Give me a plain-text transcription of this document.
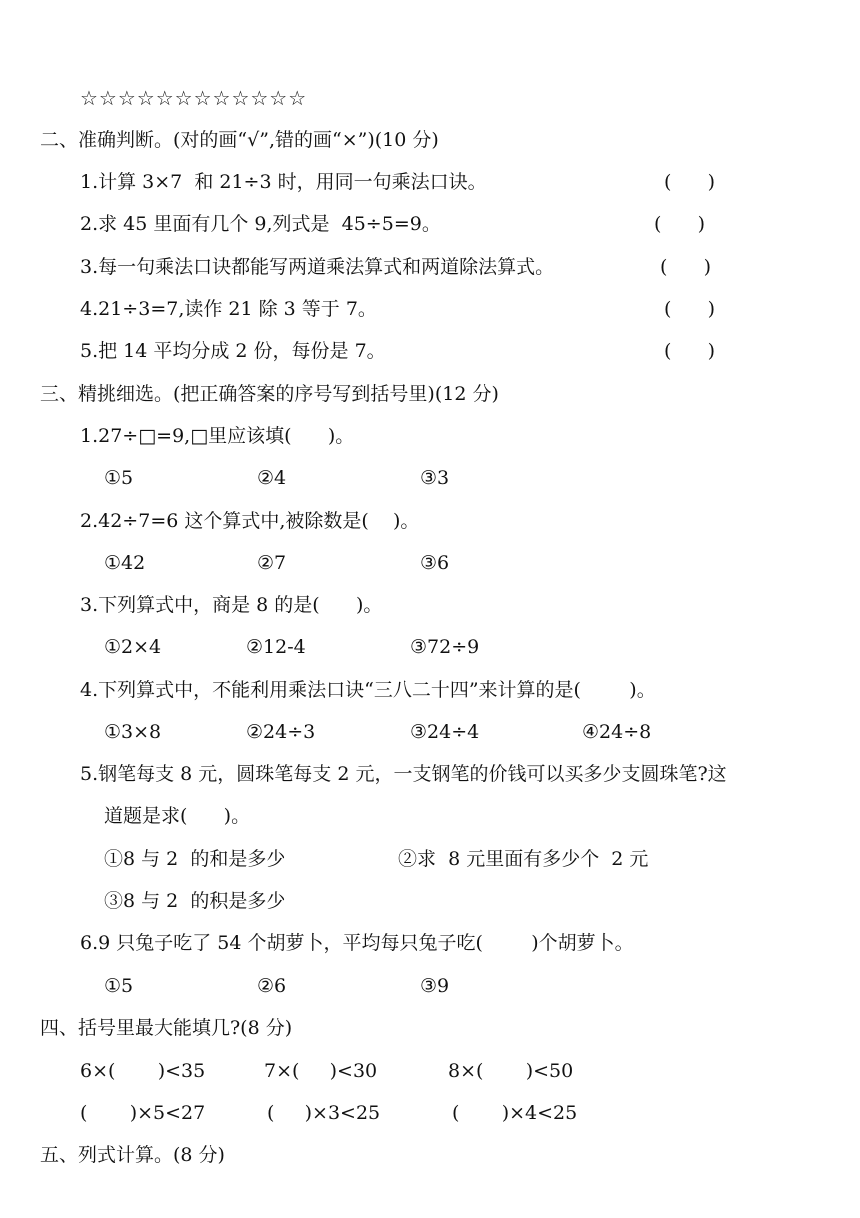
☆☆☆☆☆☆☆☆☆☆☆☆
二、准确判断。(对的画“√”,错的画“×”)(10 分)
1.计算 3×7  和 21÷3 时，用同一句乘法口诀。	(      )
2.求 45 里面有几个 9,列式是  45÷5=9。	(      )
3.每一句乘法口诀都能写两道乘法算式和两道除法算式。	(      )
4.21÷3=7,读作 21 除 3 等于 7。	(      )
5.把 14 平均分成 2 份，每份是 7。	(      )
三、精挑细选。(把正确答案的序号写到括号里)(12 分)
1.27÷□=9,□里应该填(      )。
①5	②4	③3
2.42÷7=6 这个算式中,被除数是(    )。
①42	②7	③6
3.下列算式中，商是 8 的是(      )。
①2×4	②12-4	③72÷9
4.下列算式中，不能利用乘法口诀“三八二十四”来计算的是(        )。
①3×8	②24÷3	③24÷4	④24÷8
5.钢笔每支 8 元，圆珠笔每支 2 元，一支钢笔的价钱可以买多少支圆珠笔?这
道题是求(      )。
①8 与 2  的和是多少	②求  8 元里面有多少个  2 元
③8 与 2  的积是多少
6.9 只兔子吃了 54 个胡萝卜，平均每只兔子吃(        )个胡萝卜。
①5	②6	③9
四、括号里最大能填几?(8 分)
6×(       )<35	7×(     )<30	8×(       )<50
(       )×5<27	(     )×3<25	(       )×4<25
五、列式计算。(8 分)
